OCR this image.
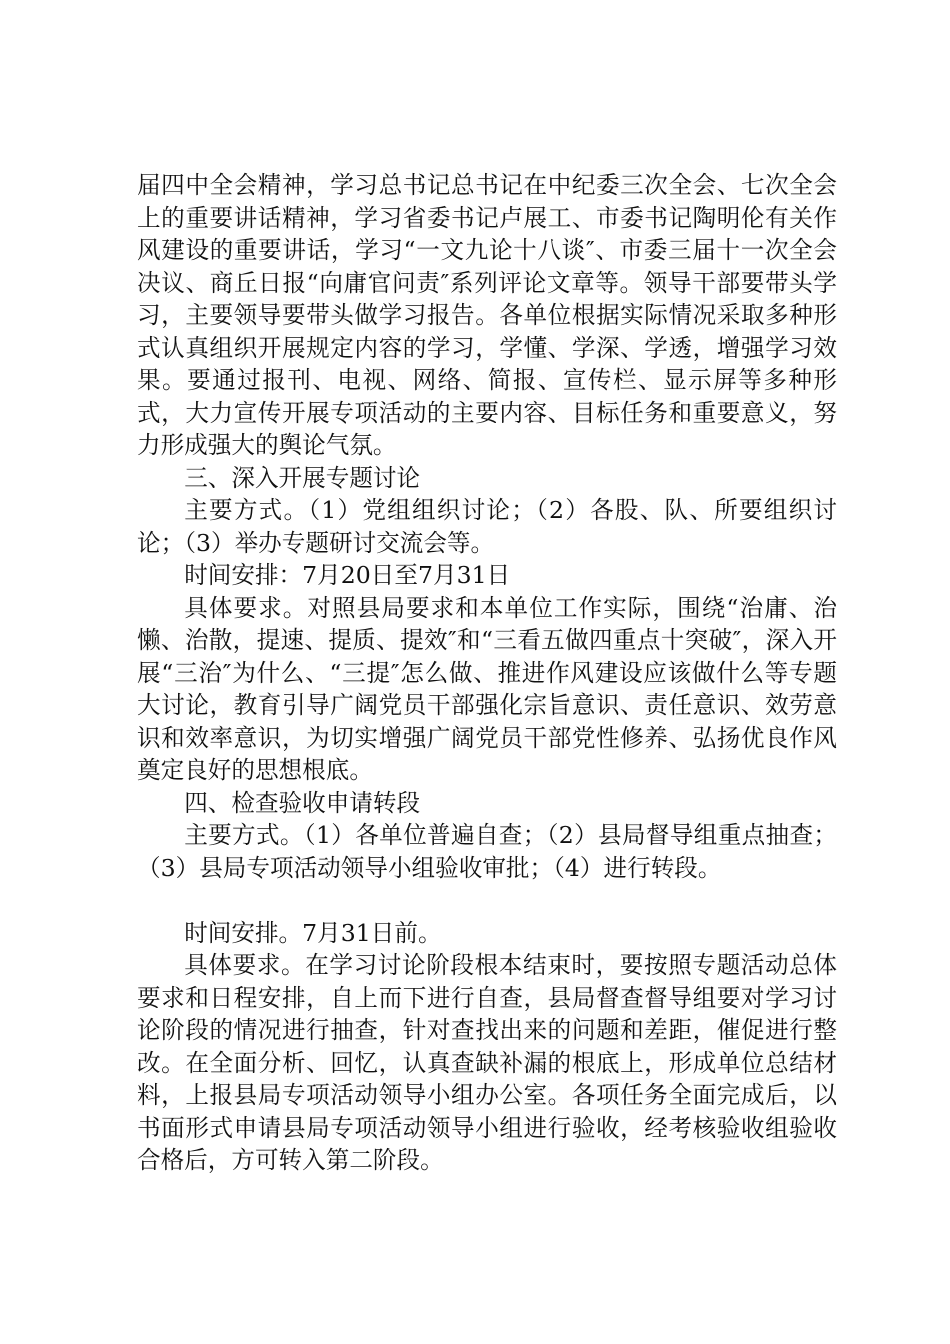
届四中全会精神，学习总书记总书记在中纪委三次全会、七次全会上的重要讲话精神，学习省委书记卢展工、市委书记陶明伦有关作风建设的重要讲话，学习“一文九论十八谈″、市委三届十一次全会决议、商丘日报“向庸官问责″系列评论文章等。领导干部要带头学习，主要领导要带头做学习报告。各单位根据实际情况采取多种形式认真组织开展规定内容的学习，学懂、学深、学透，增强学习效果。要通过报刊、电视、网络、简报、宣传栏、显示屏等多种形式，大力宣传开展专项活动的主要内容、目标任务和重要意义，努力形成强大的舆论气氛。

三、深入开展专题讨论

主要方式。（1）党组组织讨论；（2）各股、队、所要组织讨论；（3）举办专题研讨交流会等。

时间安排：7月20日至7月31日

具体要求。对照县局要求和本单位工作实际，围绕“治庸、治懒、治散，提速、提质、提效″和“三看五做四重点十突破″，深入开展“三治″为什么、“三提″怎么做、推进作风建设应该做什么等专题大讨论，教育引导广阔党员干部强化宗旨意识、责任意识、效劳意识和效率意识，为切实增强广阔党员干部党性修养、弘扬优良作风奠定良好的思想根底。

四、检查验收申请转段

主要方式。（1）各单位普遍自查；（2）县局督导组重点抽查；（3）县局专项活动领导小组验收审批；（4）进行转段。

时间安排。7月31日前。

具体要求。在学习讨论阶段根本结束时，要按照专题活动总体要求和日程安排，自上而下进行自查，县局督查督导组要对学习讨论阶段的情况进行抽查，针对查找出来的问题和差距，催促进行整改。在全面分析、回忆，认真查缺补漏的根底上，形成单位总结材料，上报县局专项活动领导小组办公室。各项任务全面完成后，以书面形式申请县局专项活动领导小组进行验收，经考核验收组验收合格后，方可转入第二阶段。
